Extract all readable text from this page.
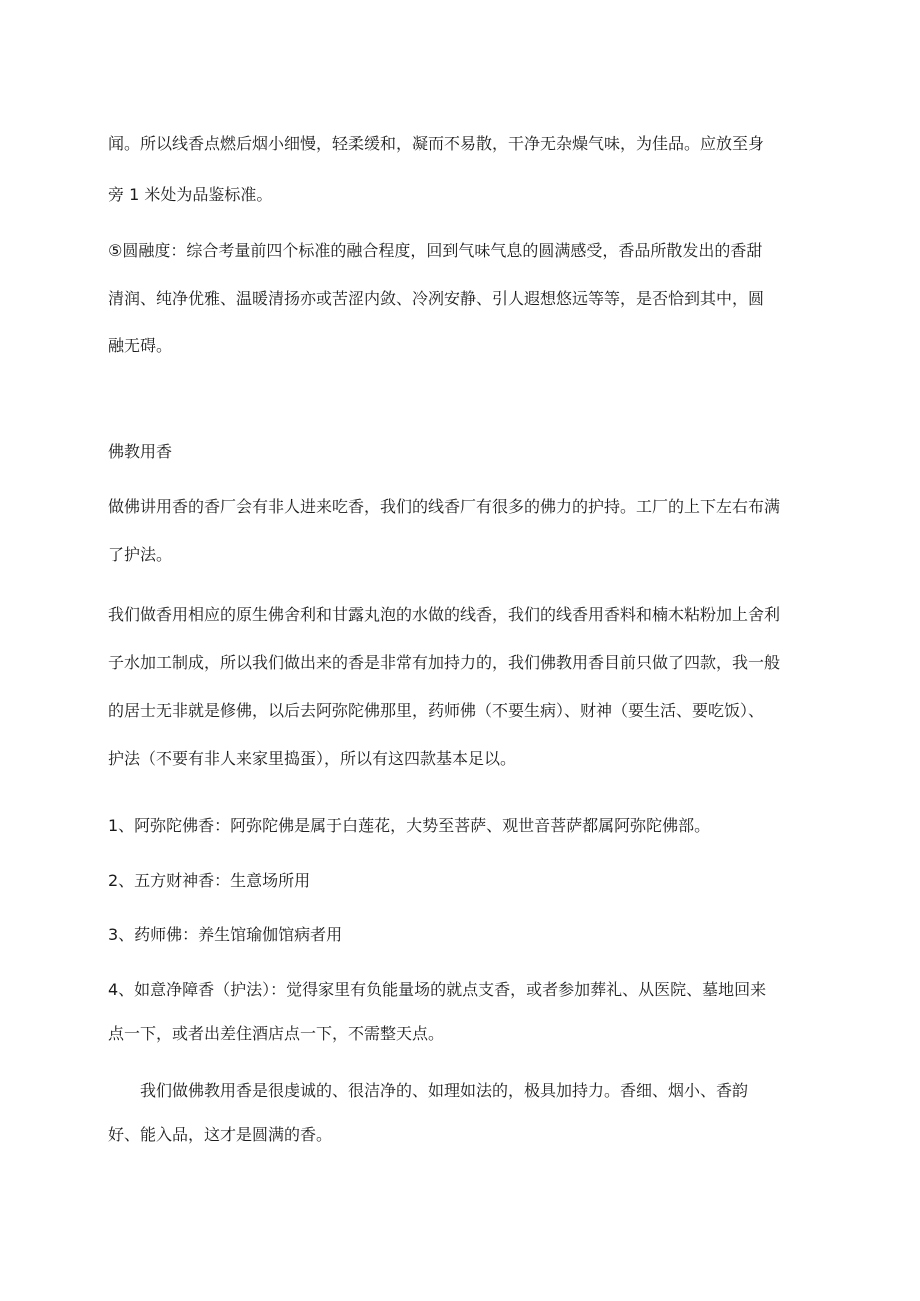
闻。所以线香点燃后烟小细慢，轻柔缓和，凝而不易散，干净无杂燥气味，为佳品。应放至身

旁 1 米处为品鉴标准。

⑤圆融度：综合考量前四个标准的融合程度，回到气味气息的圆满感受，香品所散发出的香甜

清润、纯净优雅、温暖清扬亦或苦涩内敛、冷冽安静、引人遐想悠远等等，是否恰到其中，圆

融无碍。

佛教用香

做佛讲用香的香厂会有非人进来吃香，我们的线香厂有很多的佛力的护持。工厂的上下左右布满

了护法。

我们做香用相应的原生佛舍利和甘露丸泡的水做的线香，我们的线香用香料和楠木粘粉加上舍利

子水加工制成，所以我们做出来的香是非常有加持力的，我们佛教用香目前只做了四款，我一般

的居士无非就是修佛，以后去阿弥陀佛那里，药师佛（不要生病）、财神（要生活、要吃饭）、

护法（不要有非人来家里捣蛋），所以有这四款基本足以。

1、阿弥陀佛香：阿弥陀佛是属于白莲花，大势至菩萨、观世音菩萨都属阿弥陀佛部。

2、五方财神香：生意场所用

3、药师佛：养生馆瑜伽馆病者用

4、如意净障香（护法）：觉得家里有负能量场的就点支香，或者参加葬礼、从医院、墓地回来

点一下，或者出差住酒店点一下，不需整天点。

我们做佛教用香是很虔诚的、很洁净的、如理如法的，极具加持力。香细、烟小、香韵

好、能入品，这才是圆满的香。
